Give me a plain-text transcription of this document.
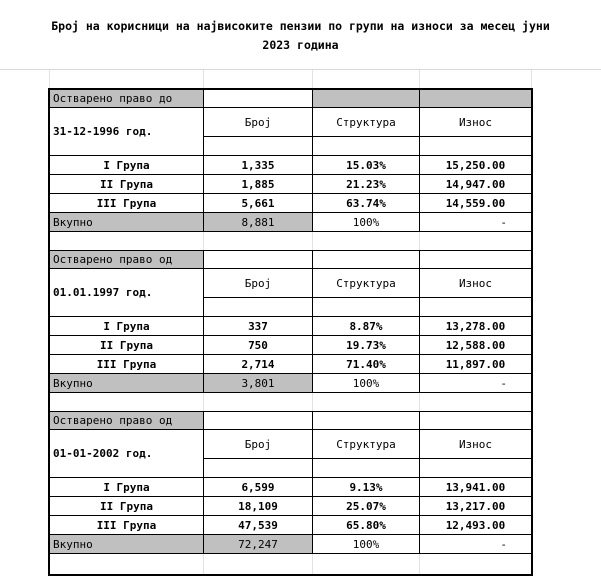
Број на корисници на највисоките пензии по групи на износи за месец јуни
2023 година
Остварено право до
31-12-1996 год.
Број	Структура	Износ
I Група	1,335	15.03%	15,250.00
II Група	1,885	21.23%	14,947.00
III Група	5,661	63.74%	14,559.00
Вкупно	8,881	100%	-
Остварено право од
01.01.1997 год.
Број	Структура	Износ
I Група	337	8.87%	13,278.00
II Група	750	19.73%	12,588.00
III Група	2,714	71.40%	11,897.00
Вкупно	3,801	100%	-
Остварено право од
01-01-2002 год.
Број	Структура	Износ
I Група	6,599	9.13%	13,941.00
II Група	18,109	25.07%	13,217.00
III Група	47,539	65.80%	12,493.00
Вкупно	72,247	100%	-
